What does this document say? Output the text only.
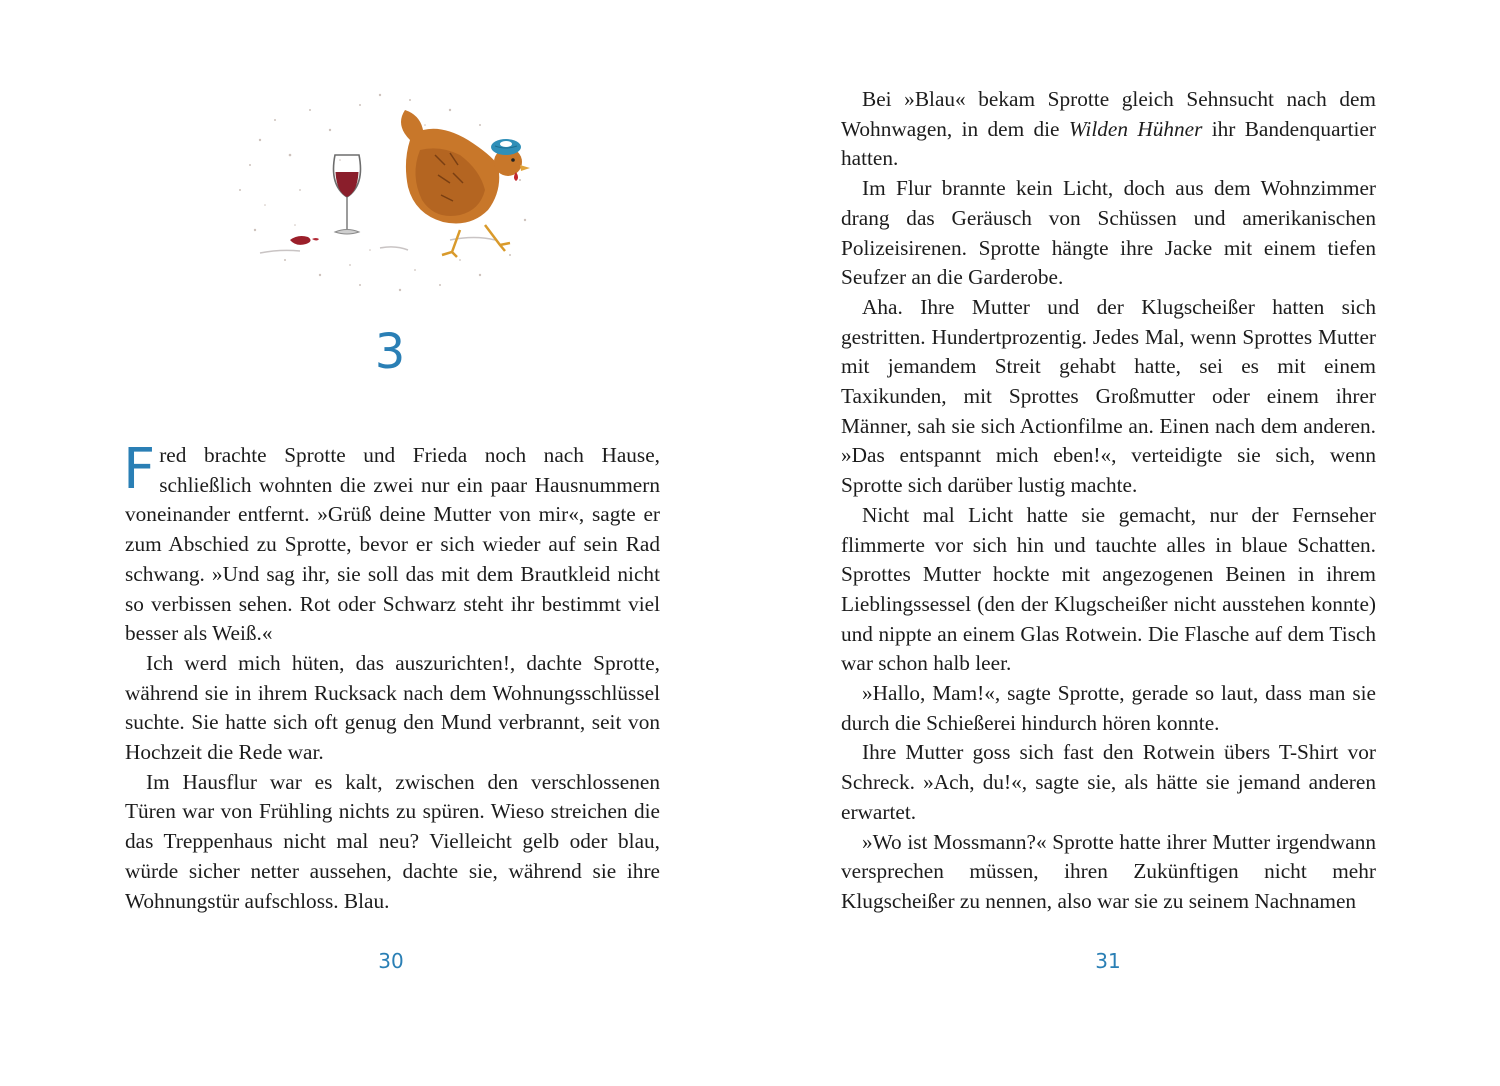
3

Fred brachte Sprotte und Frieda noch nach Hause, schließlich wohnten die zwei nur ein paar Hausnummern voneinander entfernt. »Grüß deine Mutter von mir«, sagte er zum Abschied zu Sprotte, bevor er sich wieder auf sein Rad schwang. »Und sag ihr, sie soll das mit dem Brautkleid nicht so verbissen sehen. Rot oder Schwarz steht ihr bestimmt viel besser als Weiß.«

Ich werd mich hüten, das auszurichten!, dachte Sprotte, während sie in ihrem Rucksack nach dem Wohnungsschlüssel suchte. Sie hatte sich oft genug den Mund verbrannt, seit von Hochzeit die Rede war.

Im Hausflur war es kalt, zwischen den verschlossenen Türen war von Frühling nichts zu spüren. Wieso streichen die das Treppenhaus nicht mal neu? Vielleicht gelb oder blau, würde sicher netter aussehen, dachte sie, während sie ihre Wohnungstür aufschloss. Blau.

30

Bei »Blau« bekam Sprotte gleich Sehnsucht nach dem Wohnwagen, in dem die Wilden Hühner ihr Bandenquartier hatten.

Im Flur brannte kein Licht, doch aus dem Wohnzimmer drang das Geräusch von Schüssen und amerikanischen Polizeisirenen. Sprotte hängte ihre Jacke mit einem tiefen Seufzer an die Garderobe.

Aha. Ihre Mutter und der Klugscheißer hatten sich gestritten. Hundertprozentig. Jedes Mal, wenn Sprottes Mutter mit jemandem Streit gehabt hatte, sei es mit einem Taxikunden, mit Sprottes Großmutter oder einem ihrer Männer, sah sie sich Actionfilme an. Einen nach dem anderen. »Das entspannt mich eben!«, verteidigte sie sich, wenn Sprotte sich darüber lustig machte.

Nicht mal Licht hatte sie gemacht, nur der Fernseher flimmerte vor sich hin und tauchte alles in blaue Schatten. Sprottes Mutter hockte mit angezogenen Beinen in ihrem Lieblingssessel (den der Klugscheißer nicht ausstehen konnte) und nippte an einem Glas Rotwein. Die Flasche auf dem Tisch war schon halb leer.

»Hallo, Mam!«, sagte Sprotte, gerade so laut, dass man sie durch die Schießerei hindurch hören konnte.

Ihre Mutter goss sich fast den Rotwein übers T-Shirt vor Schreck. »Ach, du!«, sagte sie, als hätte sie jemand anderen erwartet.

»Wo ist Mossmann?« Sprotte hatte ihrer Mutter irgendwann versprechen müssen, ihren Zukünftigen nicht mehr Klugscheißer zu nennen, also war sie zu seinem Nachnamen

31
